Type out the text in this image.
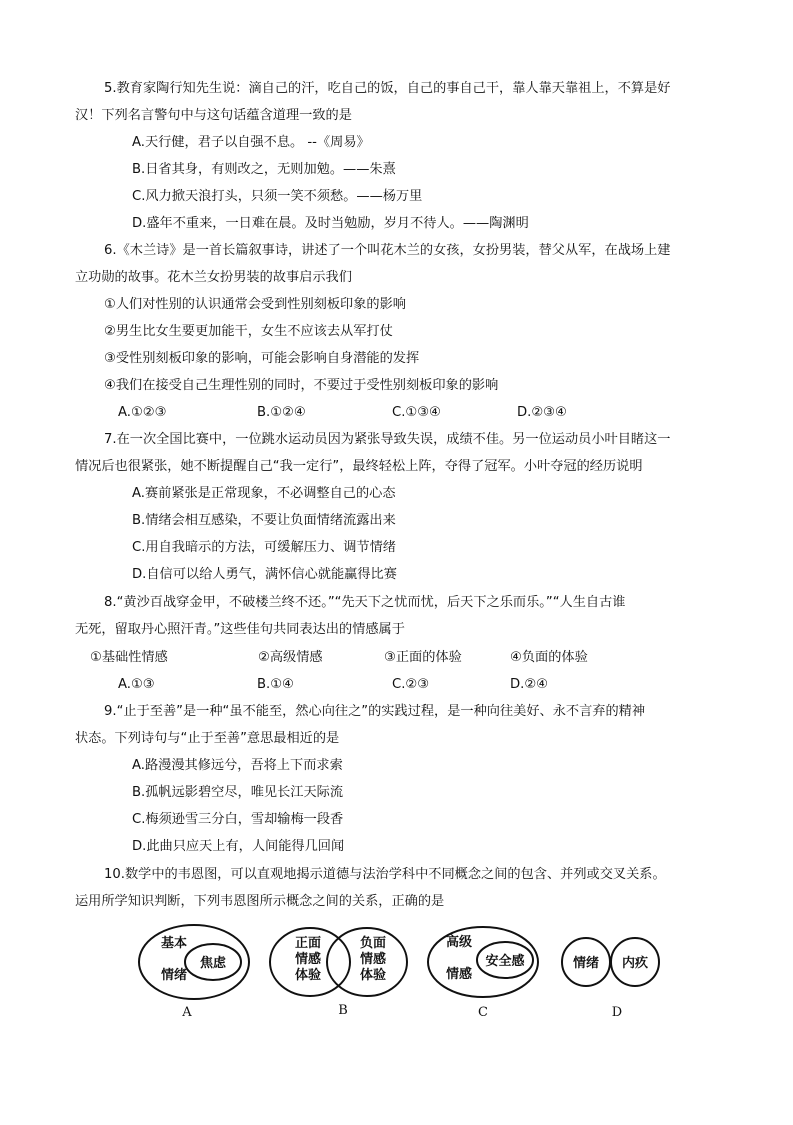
5.教育家陶行知先生说：滴自己的汗，吃自己的饭，自己的事自己干，靠人靠天靠祖上，不算是好
汉！下列名言警句中与这句话蕴含道理一致的是
A.天行健，君子以自强不息。 --《周易》
B.日省其身，有则改之，无则加勉。——朱熹
C.风力掀天浪打头，只须一笑不须愁。——杨万里
D.盛年不重来，一日难在晨。及时当勉励，岁月不待人。——陶渊明
6.《木兰诗》是一首长篇叙事诗，讲述了一个叫花木兰的女孩，女扮男装，替父从军，在战场上建
立功勋的故事。花木兰女扮男装的故事启示我们
①人们对性别的认识通常会受到性别刻板印象的影响
②男生比女生要更加能干，女生不应该去从军打仗
③受性别刻板印象的影响，可能会影响自身潜能的发挥
④我们在接受自己生理性别的同时，不要过于受性别刻板印象的影响
A.①②③	B.①②④	C.①③④	D.②③④
7.在一次全国比赛中，一位跳水运动员因为紧张导致失误，成绩不佳。另一位运动员小叶目睹这一
情况后也很紧张，她不断提醒自己“我一定行”，最终轻松上阵，夺得了冠军。小叶夺冠的经历说明
A.赛前紧张是正常现象，不必调整自己的心态
B.情绪会相互感染，不要让负面情绪流露出来
C.用自我暗示的方法，可缓解压力、调节情绪
D.自信可以给人勇气，满怀信心就能赢得比赛
8.“黄沙百战穿金甲，不破楼兰终不还。”“先天下之忧而忧，后天下之乐而乐。”“人生自古谁
无死，留取丹心照汗青。”这些佳句共同表达出的情感属于
①基础性情感	②高级情感	③正面的体验	④负面的体验
A.①③	B.①④	C.②③	D.②④
9.“止于至善”是一种“虽不能至，然心向往之”的实践过程，是一种向往美好、永不言弃的精神
状态。下列诗句与“止于至善”意思最相近的是
A.路漫漫其修远兮，吾将上下而求索
B.孤帆远影碧空尽，唯见长江天际流
C.梅须逊雪三分白，雪却输梅一段香
D.此曲只应天上有，人间能得几回闻
10.数学中的韦恩图，可以直观地揭示道德与法治学科中不同概念之间的包含、并列或交叉关系。
运用所学知识判断，下列韦恩图所示概念之间的关系，正确的是
基本
情绪
焦虑
A
正面
情感
体验
负面
情感
体验
B
高级
情感
安全感
C
情绪 内疚
D
